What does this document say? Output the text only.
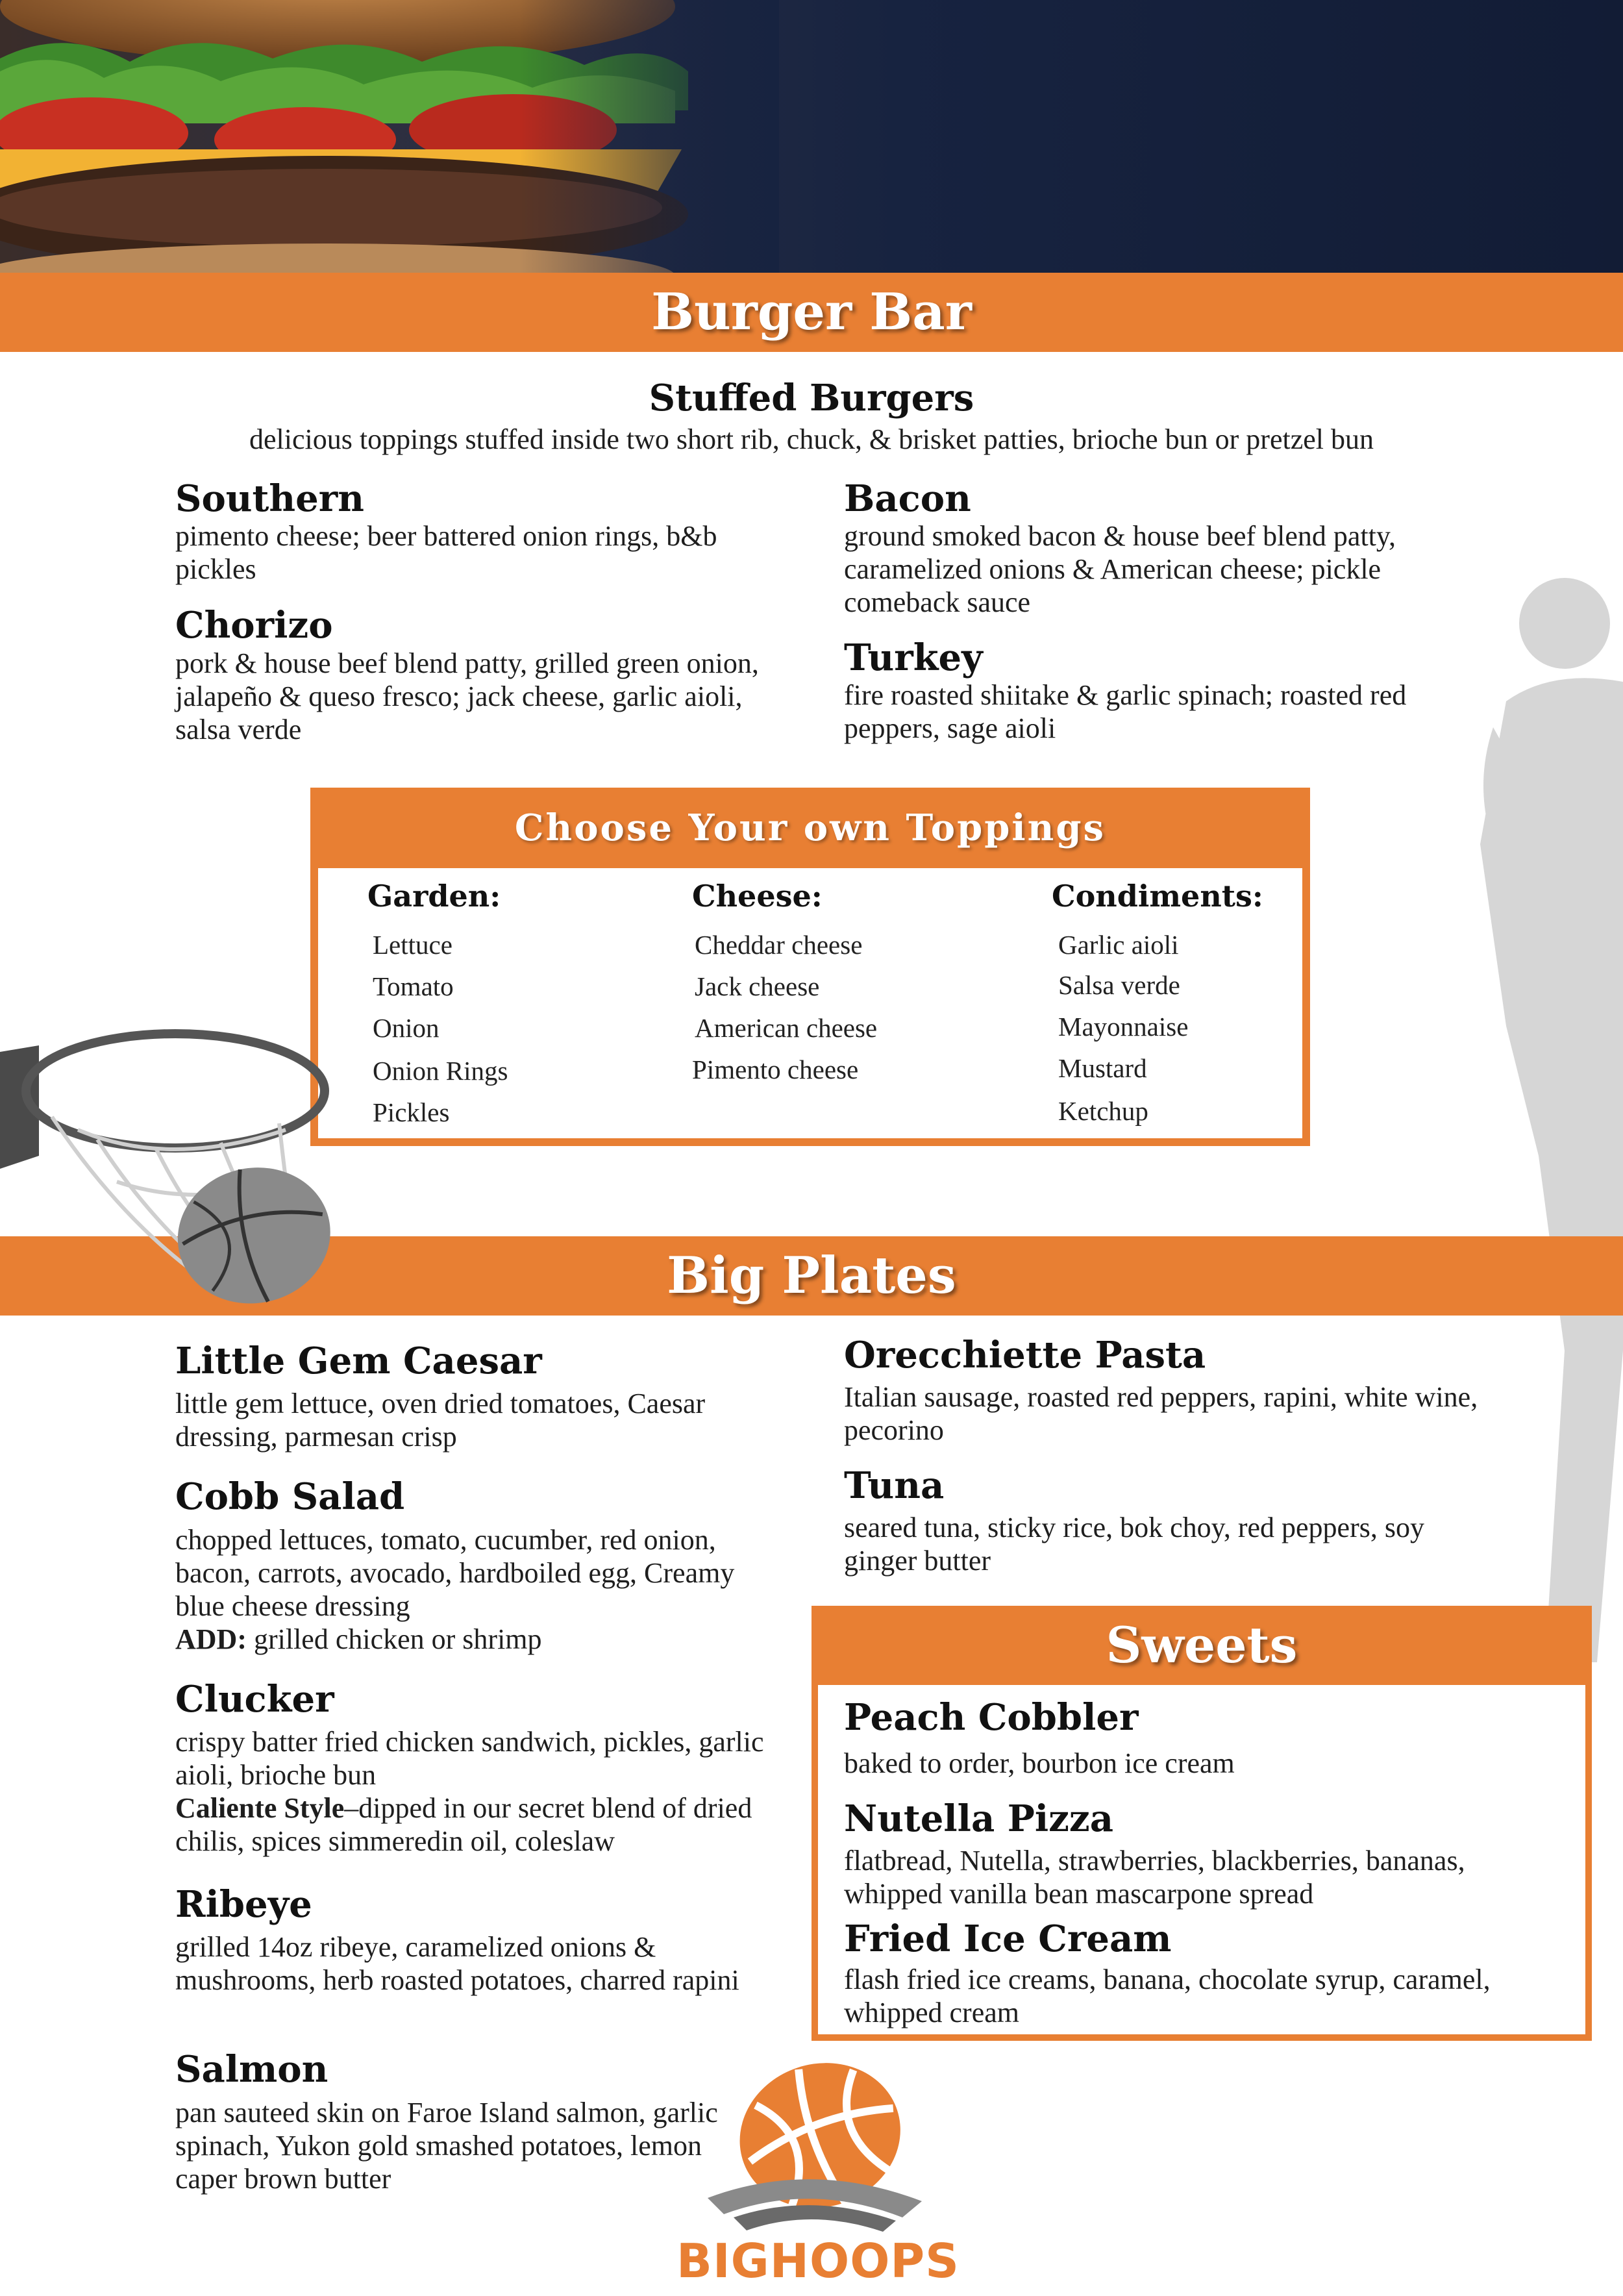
Burger Bar
Stuffed Burgers
delicious toppings stuffed inside two short rib, chuck, & brisket patties, brioche bun or pretzel bun
Southern
pimento cheese; beer battered onion rings, b&b pickles
Chorizo
pork & house beef blend patty, grilled green onion, jalapeño & queso fresco; jack cheese, garlic aioli, salsa verde
Bacon
ground smoked bacon & house beef blend patty, caramelized onions & American cheese; pickle comeback sauce
Turkey
fire roasted shiitake & garlic spinach; roasted red peppers, sage aioli
Choose Your own Toppings
Garden:
Lettuce
Tomato
Onion
Onion Rings
Pickles
Cheese:
Cheddar cheese
Jack cheese
American cheese
Pimento cheese
Condiments:
Garlic aioli
Salsa verde
Mayonnaise
Mustard
Ketchup
Big Plates
Little Gem Caesar
little gem lettuce, oven dried tomatoes, Caesar dressing, parmesan crisp
Cobb Salad
chopped lettuces, tomato, cucumber, red onion, bacon, carrots, avocado, hardboiled egg, Creamy blue cheese dressing
ADD: grilled chicken or shrimp
Clucker
crispy batter fried chicken sandwich, pickles, garlic aioli, brioche bun
Caliente Style–dipped in our secret blend of dried chilis, spices simmeredin oil, coleslaw
Ribeye
grilled 14oz ribeye, caramelized onions & mushrooms, herb roasted potatoes, charred rapini
Salmon
pan sauteed skin on Faroe Island salmon, garlic spinach, Yukon gold smashed potatoes, lemon caper brown butter
Orecchiette Pasta
Italian sausage, roasted red peppers, rapini, white wine, pecorino
Tuna
seared tuna, sticky rice, bok choy, red peppers, soy ginger butter
Sweets
Peach Cobbler
baked to order, bourbon ice cream
Nutella Pizza
flatbread, Nutella, strawberries, blackberries, bananas, whipped vanilla bean mascarpone spread
Fried Ice Cream
flash fried ice creams, banana, chocolate syrup, caramel, whipped cream
BIGHOOPS
